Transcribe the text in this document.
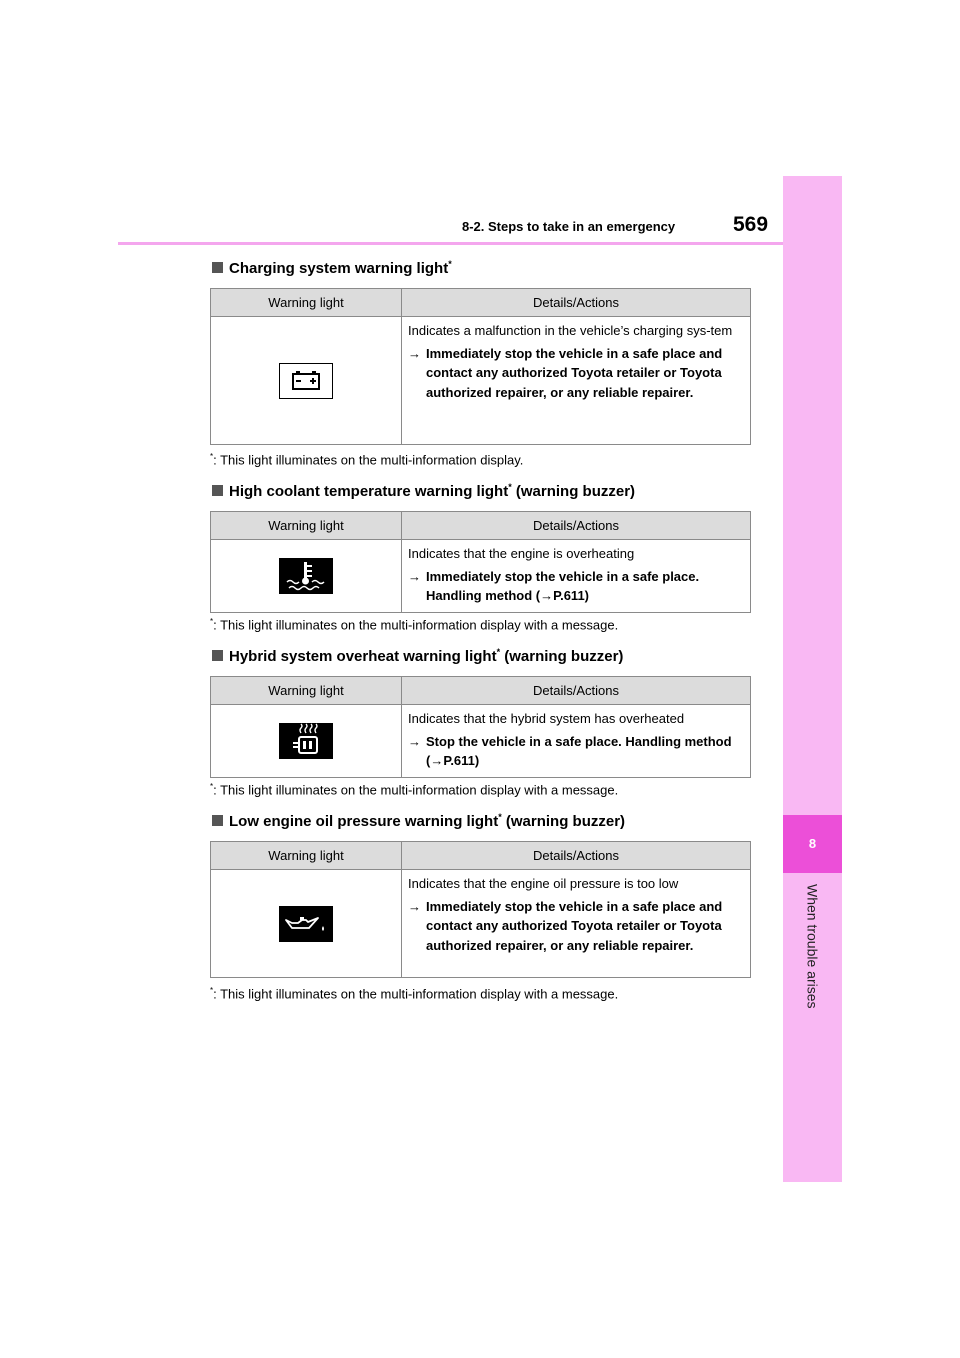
8
When trouble arises
8-2. Steps to take in an emergency	569
Charging system warning light*
Warning light	Details/Actions

Indicates a malfunction in the vehicle’s charging sys-tem
→ Immediately stop the vehicle in a safe place and contact any authorized Toyota retailer or Toyota authorized repairer, or any reliable repairer.
*: This light illuminates on the multi-information display.
High coolant temperature warning light* (warning buzzer)
Warning light	Details/Actions

Indicates that the engine is overheating
→ Immediately stop the vehicle in a safe place. Handling method (→P.611)
*: This light illuminates on the multi-information display with a message.
Hybrid system overheat warning light* (warning buzzer)
Warning light	Details/Actions

Indicates that the hybrid system has overheated
→ Stop the vehicle in a safe place. Handling method (→P.611)
*: This light illuminates on the multi-information display with a message.
Low engine oil pressure warning light* (warning buzzer)
Warning light	Details/Actions

Indicates that the engine oil pressure is too low
→ Immediately stop the vehicle in a safe place and contact any authorized Toyota retailer or Toyota authorized repairer, or any reliable repairer.
*: This light illuminates on the multi-information display with a message.
